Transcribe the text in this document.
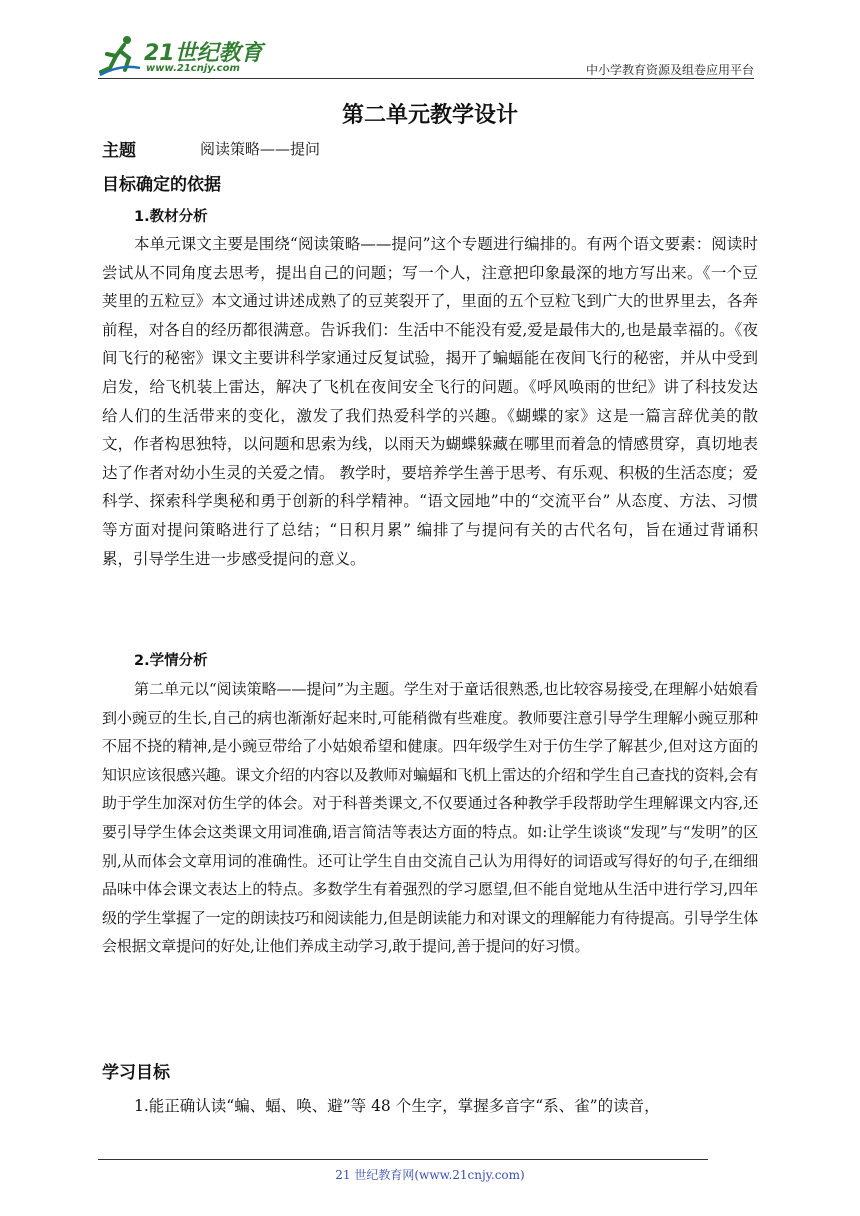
21世纪教育
www.21cnjy.com	中小学教育资源及组卷应用平台
第二单元教学设计
主题	阅读策略——提问
目标确定的依据
1.教材分析

本单元课文主要是围绕“阅读策略——提问”这个专题进行编排的。有两个语文要素：阅读时尝试从不同角度去思考，提出自己的问题；写一个人，注意把印象最深的地方写出来。《一个豆荚里的五粒豆》本文通过讲述成熟了的豆荚裂开了，里面的五个豆粒飞到广大的世界里去，各奔前程，对各自的经历都很满意。告诉我们：生活中不能没有爱,爱是最伟大的,也是最幸福的。《夜间飞行的秘密》课文主要讲科学家通过反复试验，揭开了蝙蝠能在夜间飞行的秘密，并从中受到启发，给飞机装上雷达，解决了飞机在夜间安全飞行的问题。《呼风唤雨的世纪》讲了科技发达给人们的生活带来的变化，激发了我们热爱科学的兴趣。《蝴蝶的家》这是一篇言辞优美的散文，作者构思独特，以问题和思索为线，以雨天为蝴蝶躲藏在哪里而着急的情感贯穿，真切地表达了作者对幼小生灵的关爱之情。 教学时，要培养学生善于思考、有乐观、积极的生活态度；爱科学、探索科学奥秘和勇于创新的科学精神。“语文园地”中的“交流平台” 从态度、方法、习惯等方面对提问策略进行了总结；“日积月累” 编排了与提问有关的古代名句，旨在通过背诵积累，引导学生进一步感受提问的意义。

2.学情分析

第二单元以“阅读策略——提问”为主题。学生对于童话很熟悉,也比较容易接受,在理解小姑娘看到小豌豆的生长,自己的病也渐渐好起来时,可能稍微有些难度。教师要注意引导学生理解小豌豆那种不屈不挠的精神,是小豌豆带给了小姑娘希望和健康。四年级学生对于仿生学了解甚少,但对这方面的知识应该很感兴趣。课文介绍的内容以及教师对蝙蝠和飞机上雷达的介绍和学生自己查找的资料,会有助于学生加深对仿生学的体会。对于科普类课文,不仅要通过各种教学手段帮助学生理解课文内容,还要引导学生体会这类课文用词准确,语言简洁等表达方面的特点。如:让学生谈谈“发现”与“发明”的区别,从而体会文章用词的准确性。还可让学生自由交流自己认为用得好的词语或写得好的句子,在细细品味中体会课文表达上的特点。多数学生有着强烈的学习愿望,但不能自觉地从生活中进行学习,四年级的学生掌握了一定的朗读技巧和阅读能力,但是朗读能力和对课文的理解能力有待提高。引导学生体会根据文章提问的好处,让他们养成主动学习,敢于提问,善于提问的好习惯。

学习目标
1.能正确认读“蝙、蝠、唤、避”等 48 个生字，掌握多音字“系、雀”的读音，
21 世纪教育网(www.21cnjy.com)
